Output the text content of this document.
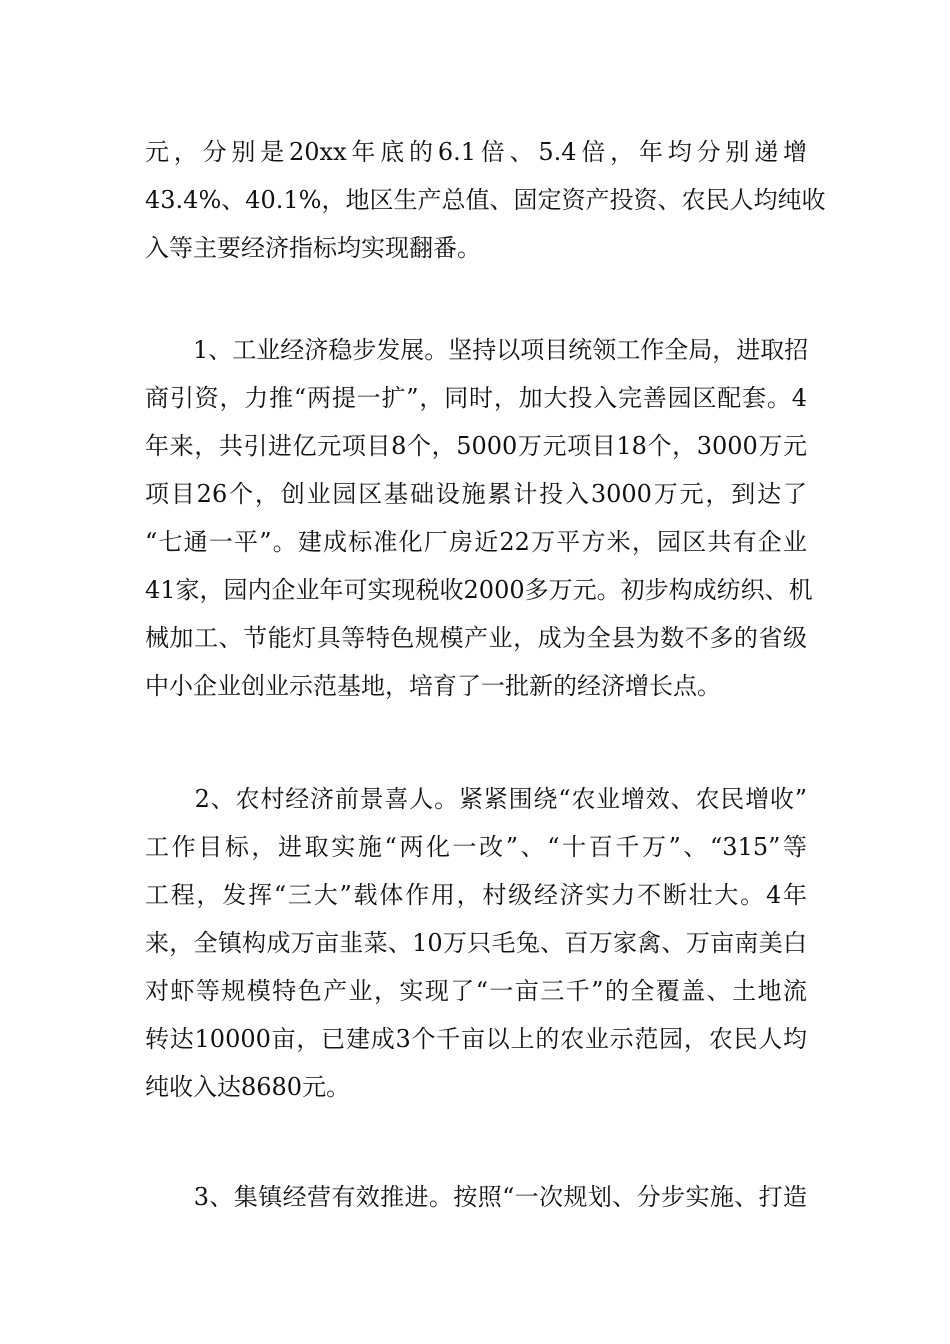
元，分别是20xx年底的6.1倍、5.4倍，年均分别递增
43.4%、40.1%，地区生产总值、固定资产投资、农民人均纯收
入等主要经济指标均实现翻番。
　　1、工业经济稳步发展。坚持以项目统领工作全局，进取招
商引资，力推“两提一扩”，同时，加大投入完善园区配套。4
年来，共引进亿元项目8个，5000万元项目18个，3000万元
项目26个，创业园区基础设施累计投入3000万元，到达了
“七通一平”。建成标准化厂房近22万平方米，园区共有企业
41家，园内企业年可实现税收2000多万元。初步构成纺织、机
械加工、节能灯具等特色规模产业，成为全县为数不多的省级
中小企业创业示范基地，培育了一批新的经济增长点。
　　2、农村经济前景喜人。紧紧围绕“农业增效、农民增收”
工作目标，进取实施“两化一改”、“十百千万”、“315”等
工程，发挥“三大”载体作用，村级经济实力不断壮大。4年
来，全镇构成万亩韭菜、10万只毛兔、百万家禽、万亩南美白
对虾等规模特色产业，实现了“一亩三千”的全覆盖、土地流
转达10000亩，已建成3个千亩以上的农业示范园，农民人均
纯收入达8680元。
　　3、集镇经营有效推进。按照“一次规划、分步实施、打造
